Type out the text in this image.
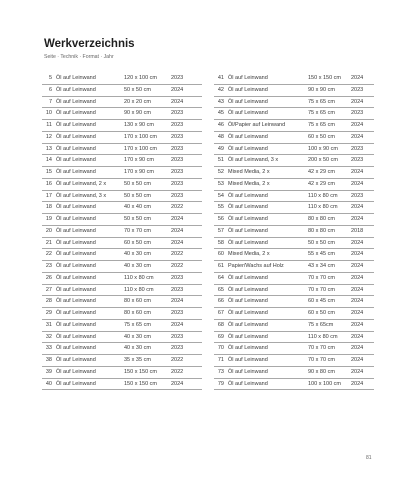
Werkverzeichnis
Seite · Technik · Format · Jahr
5 Öl auf Leinwand	120 x 100 cm	2023
6 Öl auf Leinwand	50 x 50 cm	2024
7 Öl auf Leinwand	20 x 20 cm	2024
10 Öl auf Leinwand	90 x 90 cm	2023
11 Öl auf Leinwand	130 x 90 cm	2023
12 Öl auf Leinwand	170 x 100 cm	2023
13 Öl auf Leinwand	170 x 100 cm	2023
14 Öl auf Leinwand	170 x 90 cm	2023
15 Öl auf Leinwand	170 x 90 cm	2023
16 Öl auf Leinwand, 2 x	50 x 50 cm	2023
17 Öl auf Leinwand, 3 x	50 x 50 cm	2023
18 Öl auf Leinwand	40 x 40 cm	2022
19 Öl auf Leinwand	50 x 50 cm	2024
20 Öl auf Leinwand	70 x 70 cm	2024
21 Öl auf Leinwand	60 x 50 cm	2024
22 Öl auf Leinwand	40 x 30 cm	2022
23 Öl auf Leinwand	40 x 30 cm	2022
26 Öl auf Leinwand	110 x 80 cm	2023
27 Öl auf Leinwand	110 x 80 cm	2023
28 Öl auf Leinwand	80 x 60 cm	2024
29 Öl auf Leinwand	80 x 60 cm	2023
31 Öl auf Leinwand	75 x 65 cm	2024
32 Öl auf Leinwand	40 x 30 cm	2023
33 Öl auf Leinwand	40 x 30 cm	2023
38 Öl auf Leinwand	35 x 35 cm	2022
39 Öl auf Leinwand	150 x 150 cm	2022
40 Öl auf Leinwand	150 x 150 cm	2024
41 Öl auf Leinwand	150 x 150 cm 2024
42 Öl auf Leinwand	90 x 90 cm	2023
43 Öl auf Leinwand	75 x 65 cm	2024
45 Öl auf Leinwand	75 x 65 cm	2023
46 Öl/Papier auf Leinwand	75 x 65 cm	2024
48 Öl auf Leinwand	60 x 50 cm	2024
49 Öl auf Leinwand	100 x 90 cm 2023
51 Öl auf Leinwand, 3 x	200 x 50 cm 2023
52 Mixed Media, 2 x	42 x 29 cm	2024
53 Mixed Media, 2 x	42 x 29 cm	2024
54 Öl auf Leinwand	110 x 80 cm 2023
55 Öl auf Leinwand	110 x 80 cm 2024
56 Öl auf Leinwand	80 x 80 cm	2024
57 Öl auf Leinwand	80 x 80 cm	2018
58 Öl auf Leinwand	50 x 50 cm	2024
60 Mixed Media, 2 x	55 x 45 cm	2024
61 Papier/Wachs auf Holz	43 x 34 cm	2024
64 Öl auf Leinwand	70 x 70 cm	2024
65 Öl auf Leinwand	70 x 70 cm	2024
66 Öl auf Leinwand	60 x 45 cm	2024
67 Öl auf Leinwand	60 x 50 cm	2024
68 Öl auf Leinwand	75 x 65cm	2024
69 Öl auf Leinwand	110 x 80 cm 2024
70 Öl auf Leinwand	70 x 70 cm	2024
71 Öl auf Leinwand	70 x 70 cm	2024
73 Öl auf Leinwand	90 x 80 cm	2024
79 Öl auf Leinwand	100 x 100 cm 2024
81
